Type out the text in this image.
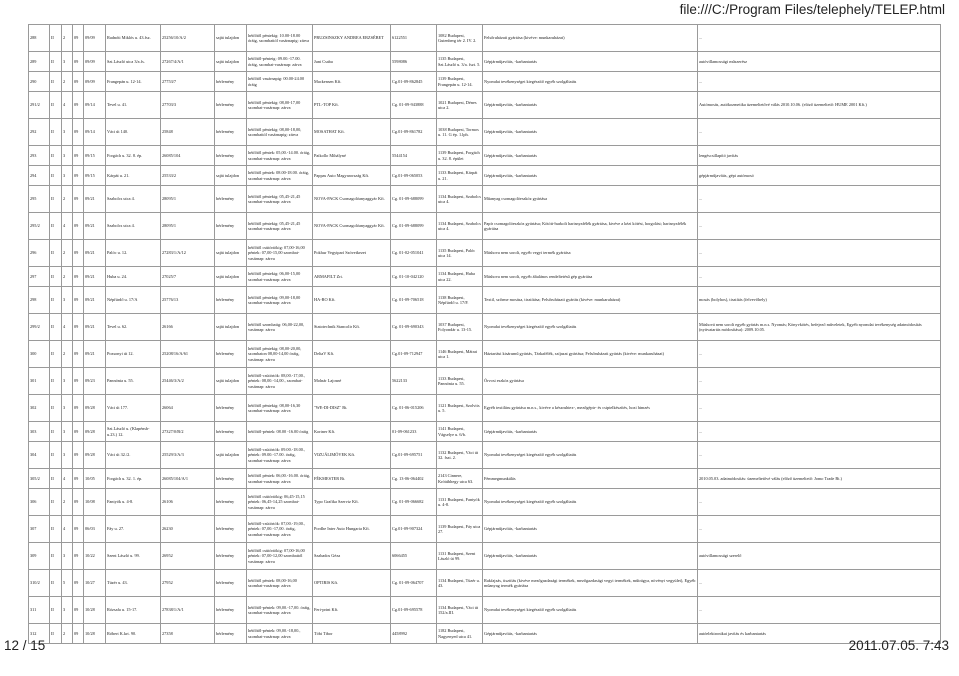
file:///C:/Program Files/telephely/TELEP.html
288	II	2	09	09/09	Radnóti Miklós u. 43.fsz.	25256/10/A/2	saját tulajdon	hétfőtől péntekig: 10.00-18.00 óráig, szombattól vasárnapig: zárva	PRUZSINSZKY ANDREA ERZSÉBET	6122551	1082 Budapest, Gutenberg tér 2. IV. 2.	Felsőruházati gyártása (kivéve: munkaruházat)	...
289	II	3	09	09/09	Szt.László utca 3/a.fs.	27267/4/A/1	saját tulajdon	hétfőtől-pénteig: 09.00.-17.00. óráig, szombat-vasárnap: zárva	Juni Csaba	5598086	1135 Budapest, Szt.László u. 3/a. fszt. 5.	Gépjárműjavítás, -karbantartás	autóvillamossági műszerész
290	II	2	09	09/09	Frangepán u. 12-14.	27753/7	bérlemény	hétfőtől vasárnapig: 00.00-24.00 óráig	Mackensen Kft.	Cg.01-09-862845	1139 Budapest, Frangepán u. 12-14.	Nyomdai tevékenységet kiegészítő egyéb szolgáltatás	...
291/2	II	4	09	09/14	Tevel u. 41.	27703/3	bérlemény	hétfőtől péntekig: 08,00-17,00 szombat-vasárnap: zárva	PTL-TOP Kft.	Cg. 01-09-943888	1021 Budapest, Dénes utca 2.	Gépjárműjavítás, -karbantartás	Autómosás, autókozmetika üzemeltetővé válás 2010.10.06. (elöző üzemeltető: HUME 2001 Kft.)
292	II	3	09	09/14	Váci út 140.	25848	bérlemény	hétfőtől péntekig: 08,00-18,00, szombattól vasárnapig: zárva	MOSATHAT Kft.	Cg.01-09-861782	1038 Budapest, Tormos u. 11. G ép. 1.lph.	Gépjárműjavítás, -karbantartás	...
293	II	3	09	09/15	Forgách u. 32. 8. ép.	26085/104	bérlemény	hétfőtől péntek: 05,00.-14.00. óráig, szombat-vasárnap: zárva	Paikollo Mihályné	5544154	1139 Budapest, Forgách u. 32. 8. épület	Gépjárműjavítás, -karbantartás	lengéscsillapító javítás
294	II	3	09	09/15	Kárpát u. 21.	25533/2	saját tulajdon	hétfőtől péntek: 08.00-18.00. óráig, szombat-vasárnap: zárva	Pappas Auto Magyarország Kft.	Cg.01-09-065053	1133 Budapest, Kárpát u. 21.	Gépjárműjavítás, -karbantartás	gépjárműjavítás, gépi autómosó
295	II	2	09	09/21	Szabolcs utca 4.	28095/1	bérlemény	hétfőtől péntekig: 05,45-21,45 szombat-vasárnap: zárva	NOVA-PACK Csomagolóanyaggyár Kft.	Cg. 01-09-688099	1134 Budapest, Szabolcs utca 4.	Műanyag csomagolóeszköz gyártása	...
295/2	II	4	09	09/21	Szabolcs utca 4.	28095/1	bérlemény	hétfőtől péntekig: 05,45-21,45 szombat-vasárnap: zárva	NOVA-PACK Csomagolóanyaggyár Kft.	Cg. 01-09-688099	1134 Budapest, Szabolcs utca 4.	Papír csomagolóeszköz gyártása; Kötött-hurkolt harisnyafélék gyártása, kivéve a kézi kötést, horgolást; harisnyafélék gyártása	...
296	II	2	09	09/21	Palóc u. 12.	27283/1/A/12	saját tulajdon	hétfőtől csütörtökig: 07,00-16,00 péntek: 07,00-15,00 szombat-vasárnap: zárva	Pokhur Vegyiparí Szövetkezet	Cg. 01-02-051041	1135 Budapest, Palóc utca 14.	Máshova nem sorolt, egyéb vegyi termék gyártása	...
297	II	2	09	09/21	Huba u. 24.	27025/7	saját tulajdon	hétfőtől péntekig: 06,00-15,00 szombat-vasárnap: zárva	ARMAFILT Zrt.	Cg. 01-10-042120	1134 Budapest, Huba utca 22.	Máshova nem sorolt, egyéb általános rendeltetésű gép gyártása	...
298	II	3	09	09/21	Népfürdő u. 17/A	25776/13	bérlemény	hétfőtől péntekig: 09,00-18,00 szombat-vasárnap: zárva	HA-RO Kft.	Cg. 01-09-706518	1138 Budapest, Népfürdő u. 17/F.	Textil, szőrme mosása, tisztítása; Felsőruházati gyártás (kivéve: munkaruházat)	mosás (bolyhos), tisztítás (felvevőhely)
299/2	II	4	09	09/21	Tevel u. 62.	26166	saját tulajdon	hétfőtől szombatig: 06,00-22,00, vasárnap: zárva	Statotechnik Stancolir Kft.	Cg. 01-09-690343	1037 Budapest, Folyondár u. 13-15.	Nyomdai tevékenységet kiegészítő egyéb szolgáltatás	Máshová nem sorolt egyéb gyártás m.n.s. Nyomás; Könyvkötés, befejező műveletek, Egyéb nyomdai tevékenység adatmódosítás (nyitvatartás módosítása): 2009.10.05.
300	II	2	09	09/21	Pozsonyi út 12.	25208/16/A/61	bérlemény	hétfőtől péntekig: 08,00-20,00, szombaton 08,00-14,00 óráig, vasárnap: zárva	DeltaV Kft.	Cg.01-09-712947	1146 Budapest, Mátrai utca 1.	Háztartási kisárumű gyártás, Tárkafélék, szíjazat gyártása; Felsőruházati gyártás (kivéve: munkaruházat)	...
301	II	3	09	09/23	Pannónia u. 55.	25446/3/A/2	saját tulajdon	hétfőtől-csütörtök: 08,00.-17,00., péntek: 08,00.-14,00., szombat-vasárnap: zárva	Molnár Lajosné	5622133	1133 Budapest, Pannónia u. 55.	Órvosi eszköz gyártása	...
302	II	3	09	09/28	Váci út 177.	26064	bérlemény	hétfőtől péntekig: 08,00-16,30 szombat-vasárnap: zárva	"WE-DI-DISZ" Bt.	Cg. 01-06-015206	1121 Budapest, Szolvits u. 5.	Egyéb textiláru gyártása m.n.s., kivéve a készruhtex-, mezőgéptr- és csiptelkészítés, hozi himzés	...
303	II	3	09	09/28	Szt.László u. (Klapénsb-u.23.) 12.	27327/0/B/2	bérlemény	hétfőtől-péntek: 08.00 -16.00 óráig	Kortner Kft.	01-09-061233	1141 Budapest, Vágselye u. 6/b.	Gépjárműjavítás, -karbantartás	...
304	II	3	09	09/28	Váci út 32./2.	25529/3/A/3	saját tulajdon	hétfőtől-csütörtök: 09.00.-18.00., péntek: 09.00.-17.00. óráig, szombat-vasárnap: zárva	VIZUÁLIMÓVEK Kft.	Cg.01-09-695751	1132 Budapest, Váci út 32. fszt. 2.	Nyomdai tevékenységet kiegészítő egyéb szolgáltatás	...
305/2	II	4	09	10/05	Forgách u. 32. 1. ép.	26085/104/A/1	bérlemény	hétfőtől péntek: 06,00.-16.00. óráig, szombat-vasárnap: zárva	FÉKMESTER Bt.	Cg. 13-06-064402	2143 Cinnere, Krótúbhegy utca 63.	Fémmegmunkálás	2010.05.03. adatmódosítás: üzemeltetővé válás (előző üzemeltető: Jomo Trade Bt.)
306	II	2	09	10/08	Fantyók u. 4-8.	26106	bérlemény	hétfőtől csütörtökig: 06,45-15,15 péntek: 06,45-14,25 szombat-vasárnap: zárva	Typo Grafika Szerviz Kft.	Cg. 01-09-066682	1131 Budapest, Fantyók u. 4-8.	Nyomdai tevékenységet kiegészítő egyéb szolgáltatás	...
307	II	4	09	06/03	Fáy u. 27.	26230	bérlemény	hétfőtől-csütörtök: 07,00.-19,00., péntek: 07,00.-17,00. óráig, szombat-vasárnap: zárva	Pordhe Inter Auto Hungaria Kft.	Cg.01-09-907324	1139 Budapest, Fáy utca 27.	Gépjárműjavítás, -karbantartás	...
309	II	3	09	10/22	Szent László u. 99.	26952	bérlemény	hétfőtől csütörtökig: 07,00-16,00 péntek: 07,00-12,00 szombattól vasárnap: zárva	Szabados Géza	6066455	1131 Budapest, Szent László út 99.	Gépjárműjavítás, -karbantartás	autóvillamossági szerelő
310/2	II	5	09	10/27	Tüzér u. 43.	27952	bérlemény	hétfőtől péntek: 08,00-16,00 szombat-vasárnap: zárva	OPTIRIS Kft.	Cg. 01-09-064707	1134 Budapest, Tüzér u. 43.	Rakfajzás, tisztítás (kivéve mezőgazdasági termékek, mezőgazdasági vegyi termékek, műtrágya, növényi vegyület), Egyéb műanyag termék gyártása	...
311	II	3	09	10/28	Rózsafa u. 15-17.	27838/1/A/1	bérlemény	hétfőtől-péntek: 09,00.-17,00. óráig, szombat-vasárnap: zárva	Feri-print Kft.	Cg.01-09-695578	1134 Budapest, Váci út 152/a.III.	Nyomdai tevékenységet kiegészítő egyéb szolgáltatás	...
312	II	2	09	10/28	Róbert K.krt. 90.	27358	bérlemény	hétfőtől-péntek: 09,00.-18,00., szombat-vasárnap: zárva	Tóbi Tibor	4458992	1182 Budapest, Nagyenyed utca 41.	Gépjárműjavítás, -karbantartás	autóelektronikai javítás és karbantartás
12 / 15	2011.07.05. 7:43
